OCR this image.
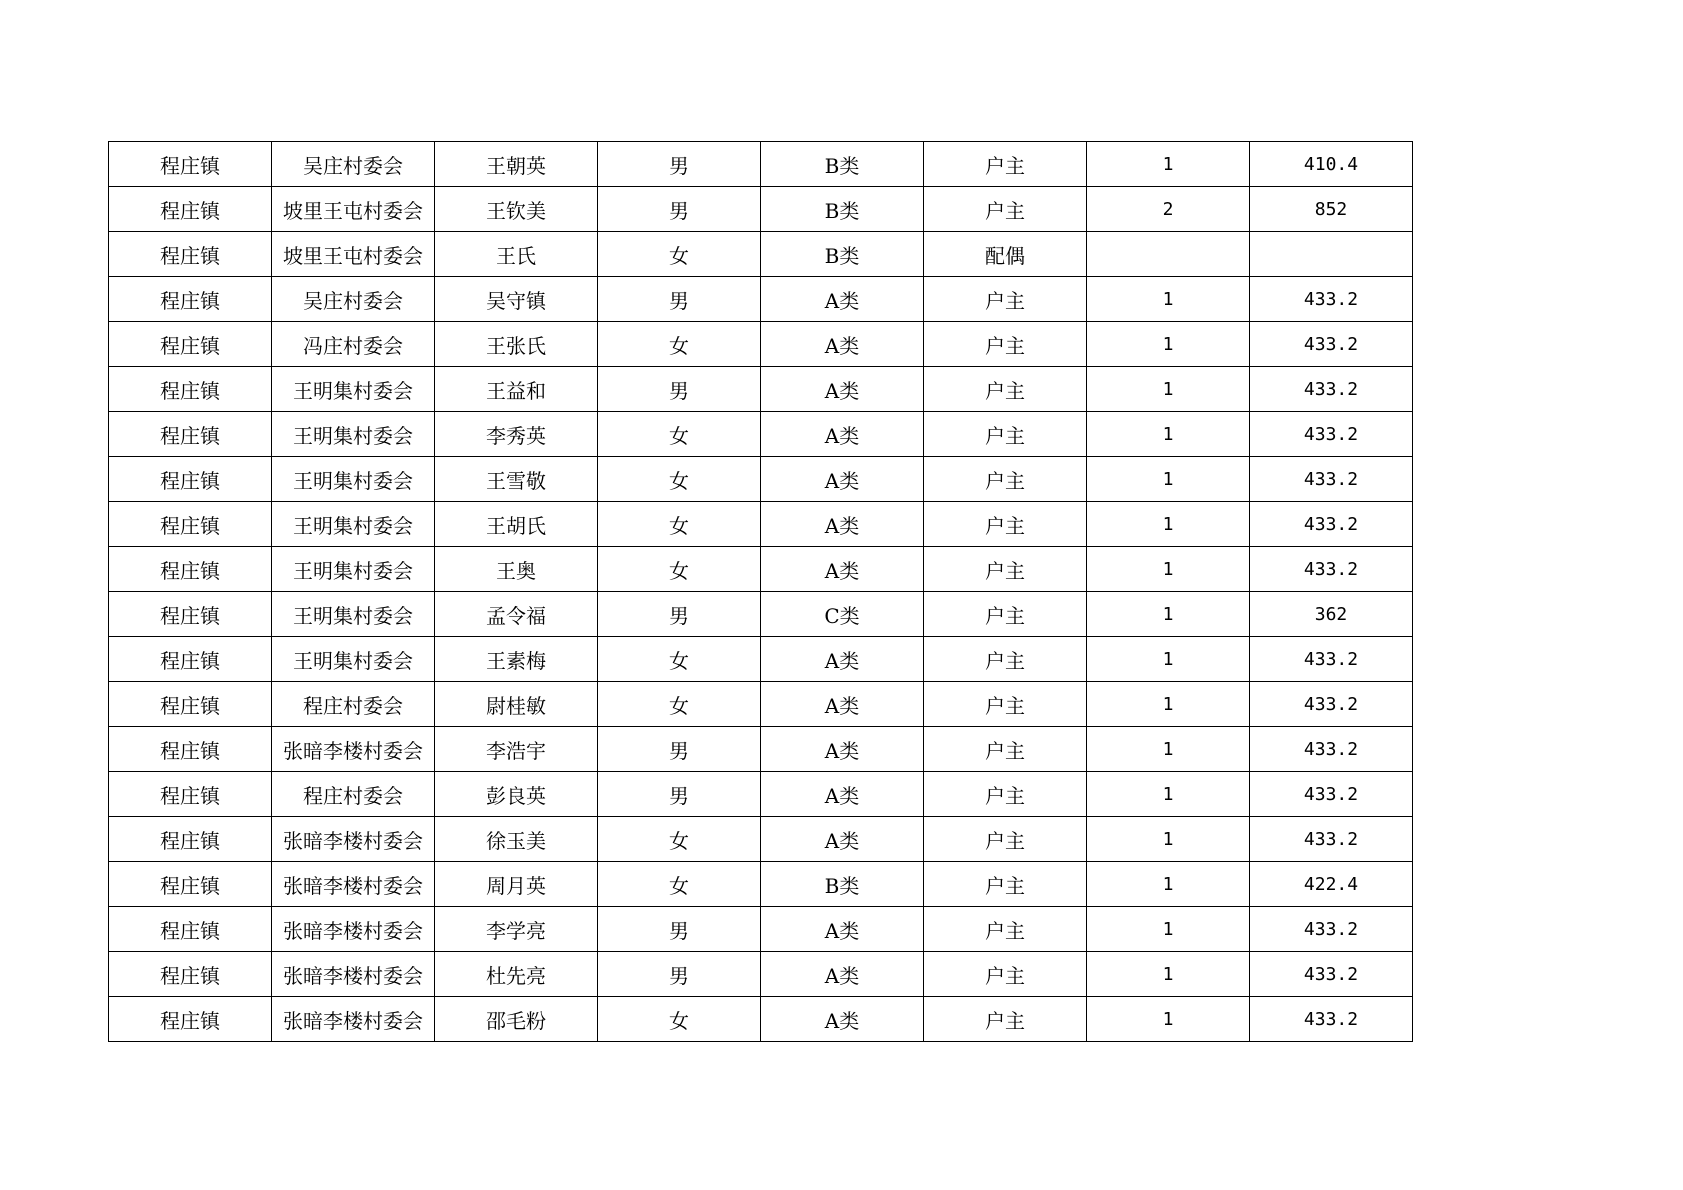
程庄镇	吴庄村委会	王朝英	男	B类	户主	1	410.4
程庄镇	坡里王屯村委会	王钦美	男	B类	户主	2	852
程庄镇	坡里王屯村委会	王氏	女	B类	配偶		
程庄镇	吴庄村委会	吴守镇	男	A类	户主	1	433.2
程庄镇	冯庄村委会	王张氏	女	A类	户主	1	433.2
程庄镇	王明集村委会	王益和	男	A类	户主	1	433.2
程庄镇	王明集村委会	李秀英	女	A类	户主	1	433.2
程庄镇	王明集村委会	王雪敬	女	A类	户主	1	433.2
程庄镇	王明集村委会	王胡氏	女	A类	户主	1	433.2
程庄镇	王明集村委会	王奥	女	A类	户主	1	433.2
程庄镇	王明集村委会	孟令福	男	C类	户主	1	362
程庄镇	王明集村委会	王素梅	女	A类	户主	1	433.2
程庄镇	程庄村委会	尉桂敏	女	A类	户主	1	433.2
程庄镇	张暗李楼村委会	李浩宇	男	A类	户主	1	433.2
程庄镇	程庄村委会	彭良英	男	A类	户主	1	433.2
程庄镇	张暗李楼村委会	徐玉美	女	A类	户主	1	433.2
程庄镇	张暗李楼村委会	周月英	女	B类	户主	1	422.4
程庄镇	张暗李楼村委会	李学亮	男	A类	户主	1	433.2
程庄镇	张暗李楼村委会	杜先亮	男	A类	户主	1	433.2
程庄镇	张暗李楼村委会	邵毛粉	女	A类	户主	1	433.2
